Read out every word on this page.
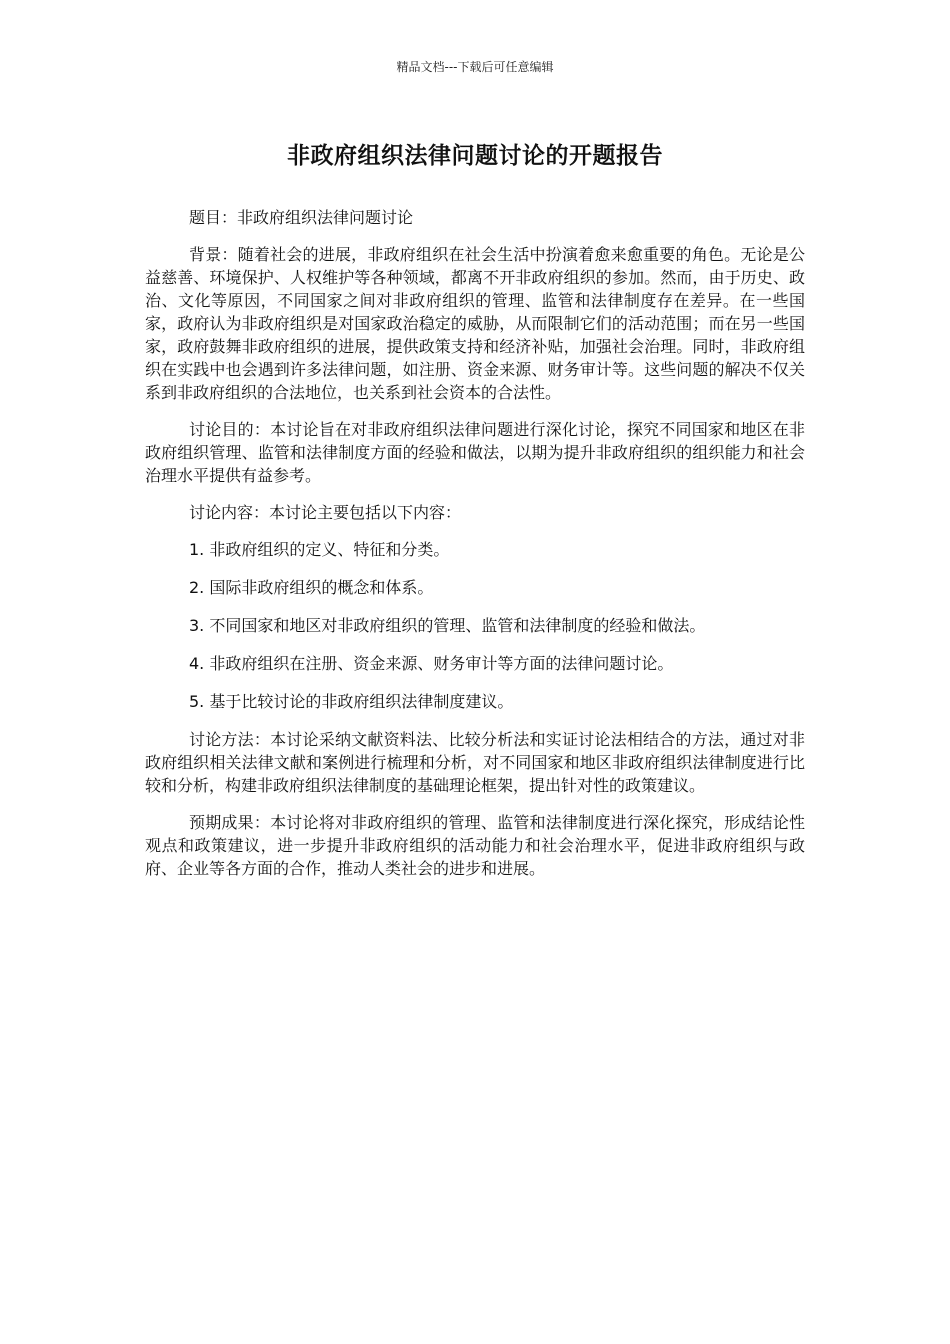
精品文档---下载后可任意编辑
非政府组织法律问题讨论的开题报告

题目：非政府组织法律问题讨论

背景：随着社会的进展，非政府组织在社会生活中扮演着愈来愈重要的角色。无论是公益慈善、环境保护、人权维护等各种领域，都离不开非政府组织的参加。然而，由于历史、政治、文化等原因，不同国家之间对非政府组织的管理、监管和法律制度存在差异。在一些国家，政府认为非政府组织是对国家政治稳定的威胁，从而限制它们的活动范围；而在另一些国家，政府鼓舞非政府组织的进展，提供政策支持和经济补贴，加强社会治理。同时，非政府组织在实践中也会遇到许多法律问题，如注册、资金来源、财务审计等。这些问题的解决不仅关系到非政府组织的合法地位，也关系到社会资本的合法性。

讨论目的：本讨论旨在对非政府组织法律问题进行深化讨论，探究不同国家和地区在非政府组织管理、监管和法律制度方面的经验和做法，以期为提升非政府组织的组织能力和社会治理水平提供有益参考。

讨论内容：本讨论主要包括以下内容：

1. 非政府组织的定义、特征和分类。

2. 国际非政府组织的概念和体系。

3. 不同国家和地区对非政府组织的管理、监管和法律制度的经验和做法。

4. 非政府组织在注册、资金来源、财务审计等方面的法律问题讨论。

5. 基于比较讨论的非政府组织法律制度建议。

讨论方法：本讨论采纳文献资料法、比较分析法和实证讨论法相结合的方法，通过对非政府组织相关法律文献和案例进行梳理和分析，对不同国家和地区非政府组织法律制度进行比较和分析，构建非政府组织法律制度的基础理论框架，提出针对性的政策建议。

预期成果：本讨论将对非政府组织的管理、监管和法律制度进行深化探究，形成结论性观点和政策建议，进一步提升非政府组织的活动能力和社会治理水平，促进非政府组织与政府、企业等各方面的合作，推动人类社会的进步和进展。
